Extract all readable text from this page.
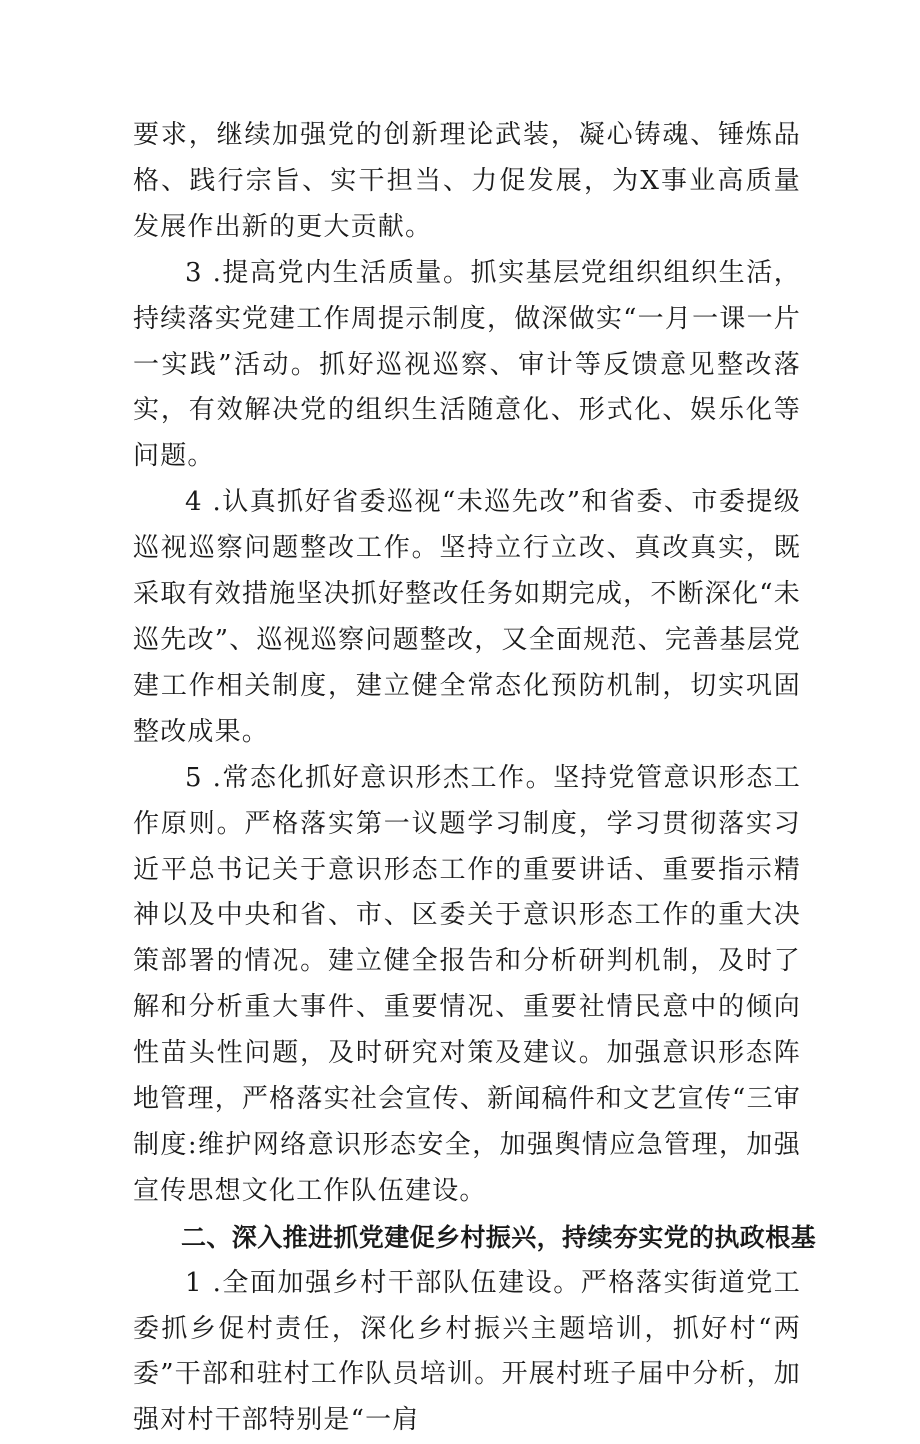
要求，继续加强党的创新理论武装，凝心铸魂、锤炼品格、践行宗旨、实干担当、力促发展，为X事业高质量发展作出新的更大贡献。

3 .提高党内生活质量。抓实基层党组织组织生活，持续落实党建工作周提示制度，做深做实“一月一课一片一实践”活动。抓好巡视巡察、审计等反馈意见整改落实，有效解决党的组织生活随意化、形式化、娱乐化等问题。

4 .认真抓好省委巡视“未巡先改”和省委、市委提级巡视巡察问题整改工作。坚持立行立改、真改真实，既采取有效措施坚决抓好整改任务如期完成，不断深化“未巡先改”、巡视巡察问题整改，又全面规范、完善基层党建工作相关制度，建立健全常态化预防机制，切实巩固整改成果。

5 .常态化抓好意识形杰工作。坚持党管意识形态工作原则。严格落实第一议题学习制度，学习贯彻落实习近平总书记关于意识形态工作的重要讲话、重要指示精神以及中央和省、市、区委关于意识形态工作的重大决策部署的情况。建立健全报告和分析研判机制，及时了解和分析重大事件、重要情况、重要社情民意中的倾向性苗头性问题，及时研究对策及建议。加强意识形态阵地管理，严格落实社会宣传、新闻稿件和文艺宣传“三审制度:维护网络意识形态安全，加强舆情应急管理，加强宣传思想文化工作队伍建设。

二、深入推进抓党建促乡村振兴，持续夯实党的执政根基

1 .全面加强乡村干部队伍建设。严格落实街道党工委抓乡促村责任，深化乡村振兴主题培训，抓好村“两委”干部和驻村工作队员培训。开展村班子届中分析，加强对村干部特别是“一肩
